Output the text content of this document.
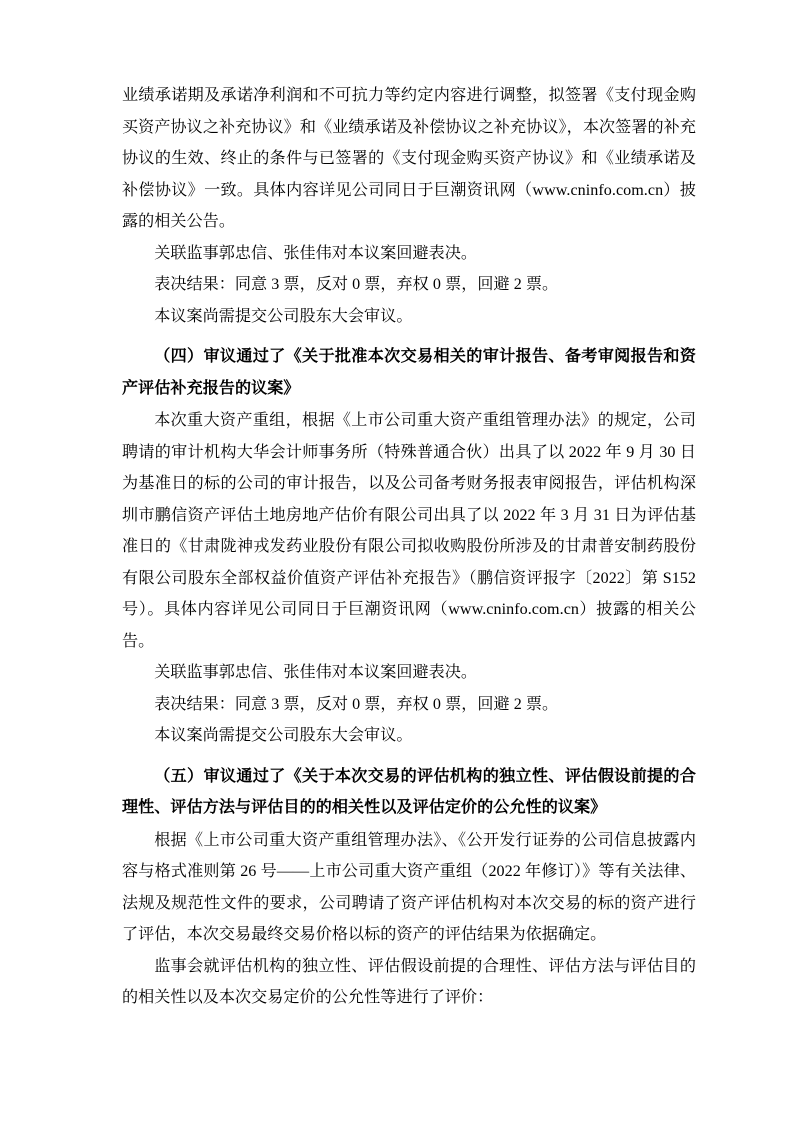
业绩承诺期及承诺净利润和不可抗力等约定内容进行调整，拟签署《支付现金购买资产协议之补充协议》和《业绩承诺及补偿协议之补充协议》，本次签署的补充协议的生效、终止的条件与已签署的《支付现金购买资产协议》和《业绩承诺及补偿协议》一致。具体内容详见公司同日于巨潮资讯网（www.cninfo.com.cn）披露的相关公告。

关联监事郭忠信、张佳伟对本议案回避表决。

表决结果：同意 3 票，反对 0 票，弃权 0 票，回避 2 票。

本议案尚需提交公司股东大会审议。

（四）审议通过了《关于批准本次交易相关的审计报告、备考审阅报告和资产评估补充报告的议案》

本次重大资产重组，根据《上市公司重大资产重组管理办法》的规定，公司聘请的审计机构大华会计师事务所（特殊普通合伙）出具了以 2022 年 9 月 30 日为基准日的标的公司的审计报告，以及公司备考财务报表审阅报告，评估机构深圳市鹏信资产评估土地房地产估价有限公司出具了以 2022 年 3 月 31 日为评估基准日的《甘肃陇神戎发药业股份有限公司拟收购股份所涉及的甘肃普安制药股份有限公司股东全部权益价值资产评估补充报告》（鹏信资评报字〔2022〕第 S152 号）。具体内容详见公司同日于巨潮资讯网（www.cninfo.com.cn）披露的相关公告。

关联监事郭忠信、张佳伟对本议案回避表决。

表决结果：同意 3 票，反对 0 票，弃权 0 票，回避 2 票。

本议案尚需提交公司股东大会审议。

（五）审议通过了《关于本次交易的评估机构的独立性、评估假设前提的合理性、评估方法与评估目的的相关性以及评估定价的公允性的议案》

根据《上市公司重大资产重组管理办法》、《公开发行证券的公司信息披露内容与格式准则第 26 号——上市公司重大资产重组（2022 年修订）》等有关法律、法规及规范性文件的要求，公司聘请了资产评估机构对本次交易的标的资产进行了评估，本次交易最终交易价格以标的资产的评估结果为依据确定。

监事会就评估机构的独立性、评估假设前提的合理性、评估方法与评估目的的相关性以及本次交易定价的公允性等进行了评价：
